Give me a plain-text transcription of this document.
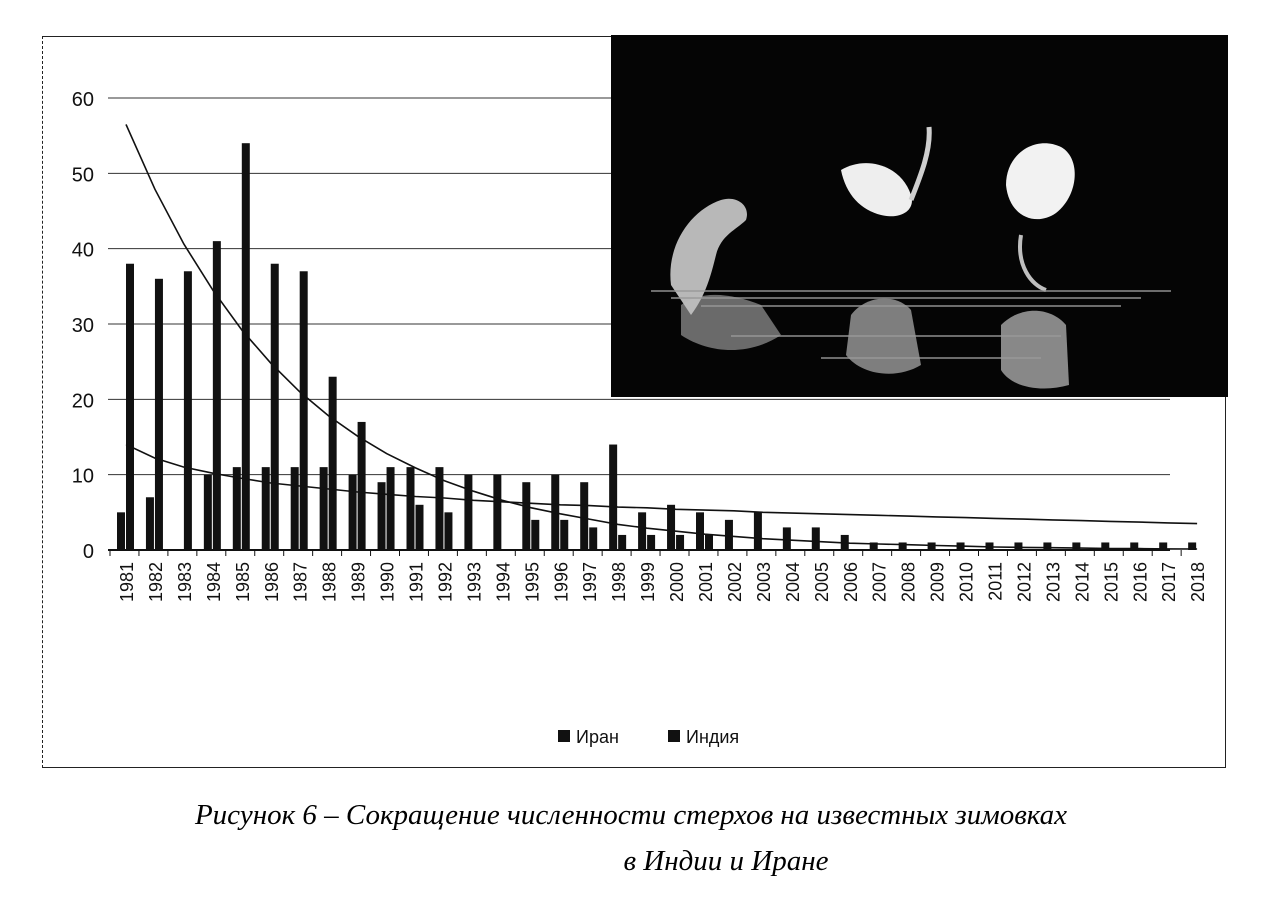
0
10
20
30
40
50
60
1981 1982 1983 1984 1985 1986 1987 1988 1989 1990 1991 1992 1993 1994 1995 1996 1997 1998 1999 2000 2001 2002 2003 2004 2005 2006 2007 2008 2009 2010 2011 2012 2013 2014 2015 2016 2017 2018
Иран	Индия
Рисунок 6 – Сокращение численности стерхов на известных зимовках

в Индии и Иране
